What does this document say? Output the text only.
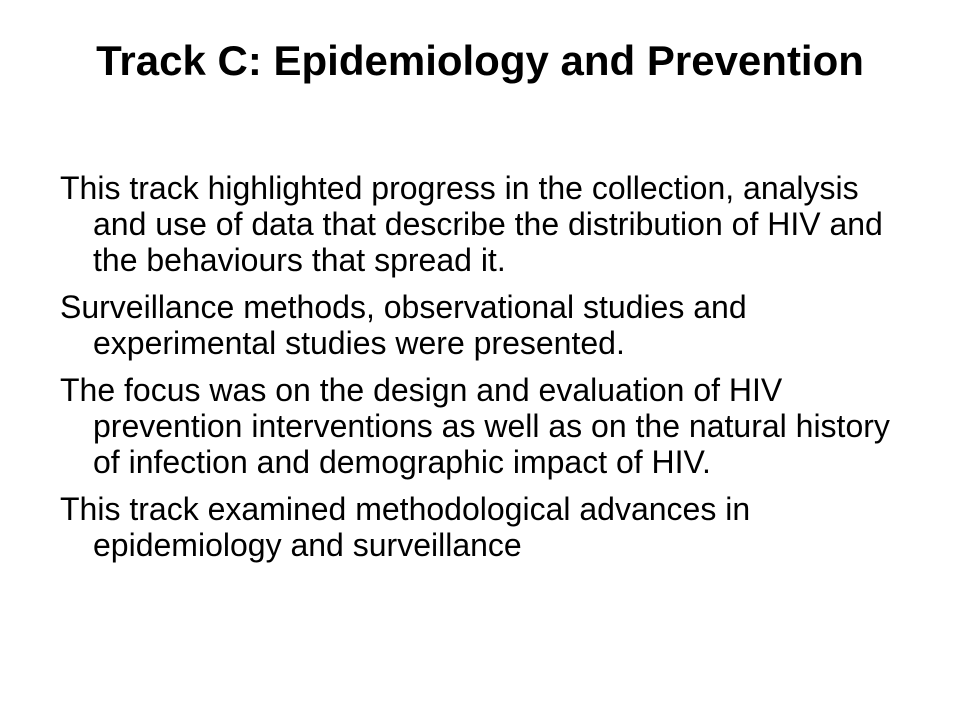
Track C: Epidemiology and Prevention
This track highlighted progress in the collection, analysis and use of data that describe the distribution of HIV and the behaviours that spread it.
Surveillance methods, observational studies and experimental studies were presented.
The focus was on the design and evaluation of HIV prevention interventions as well as on the natural history of infection and demographic impact of HIV.
This track examined methodological advances in epidemiology and surveillance
